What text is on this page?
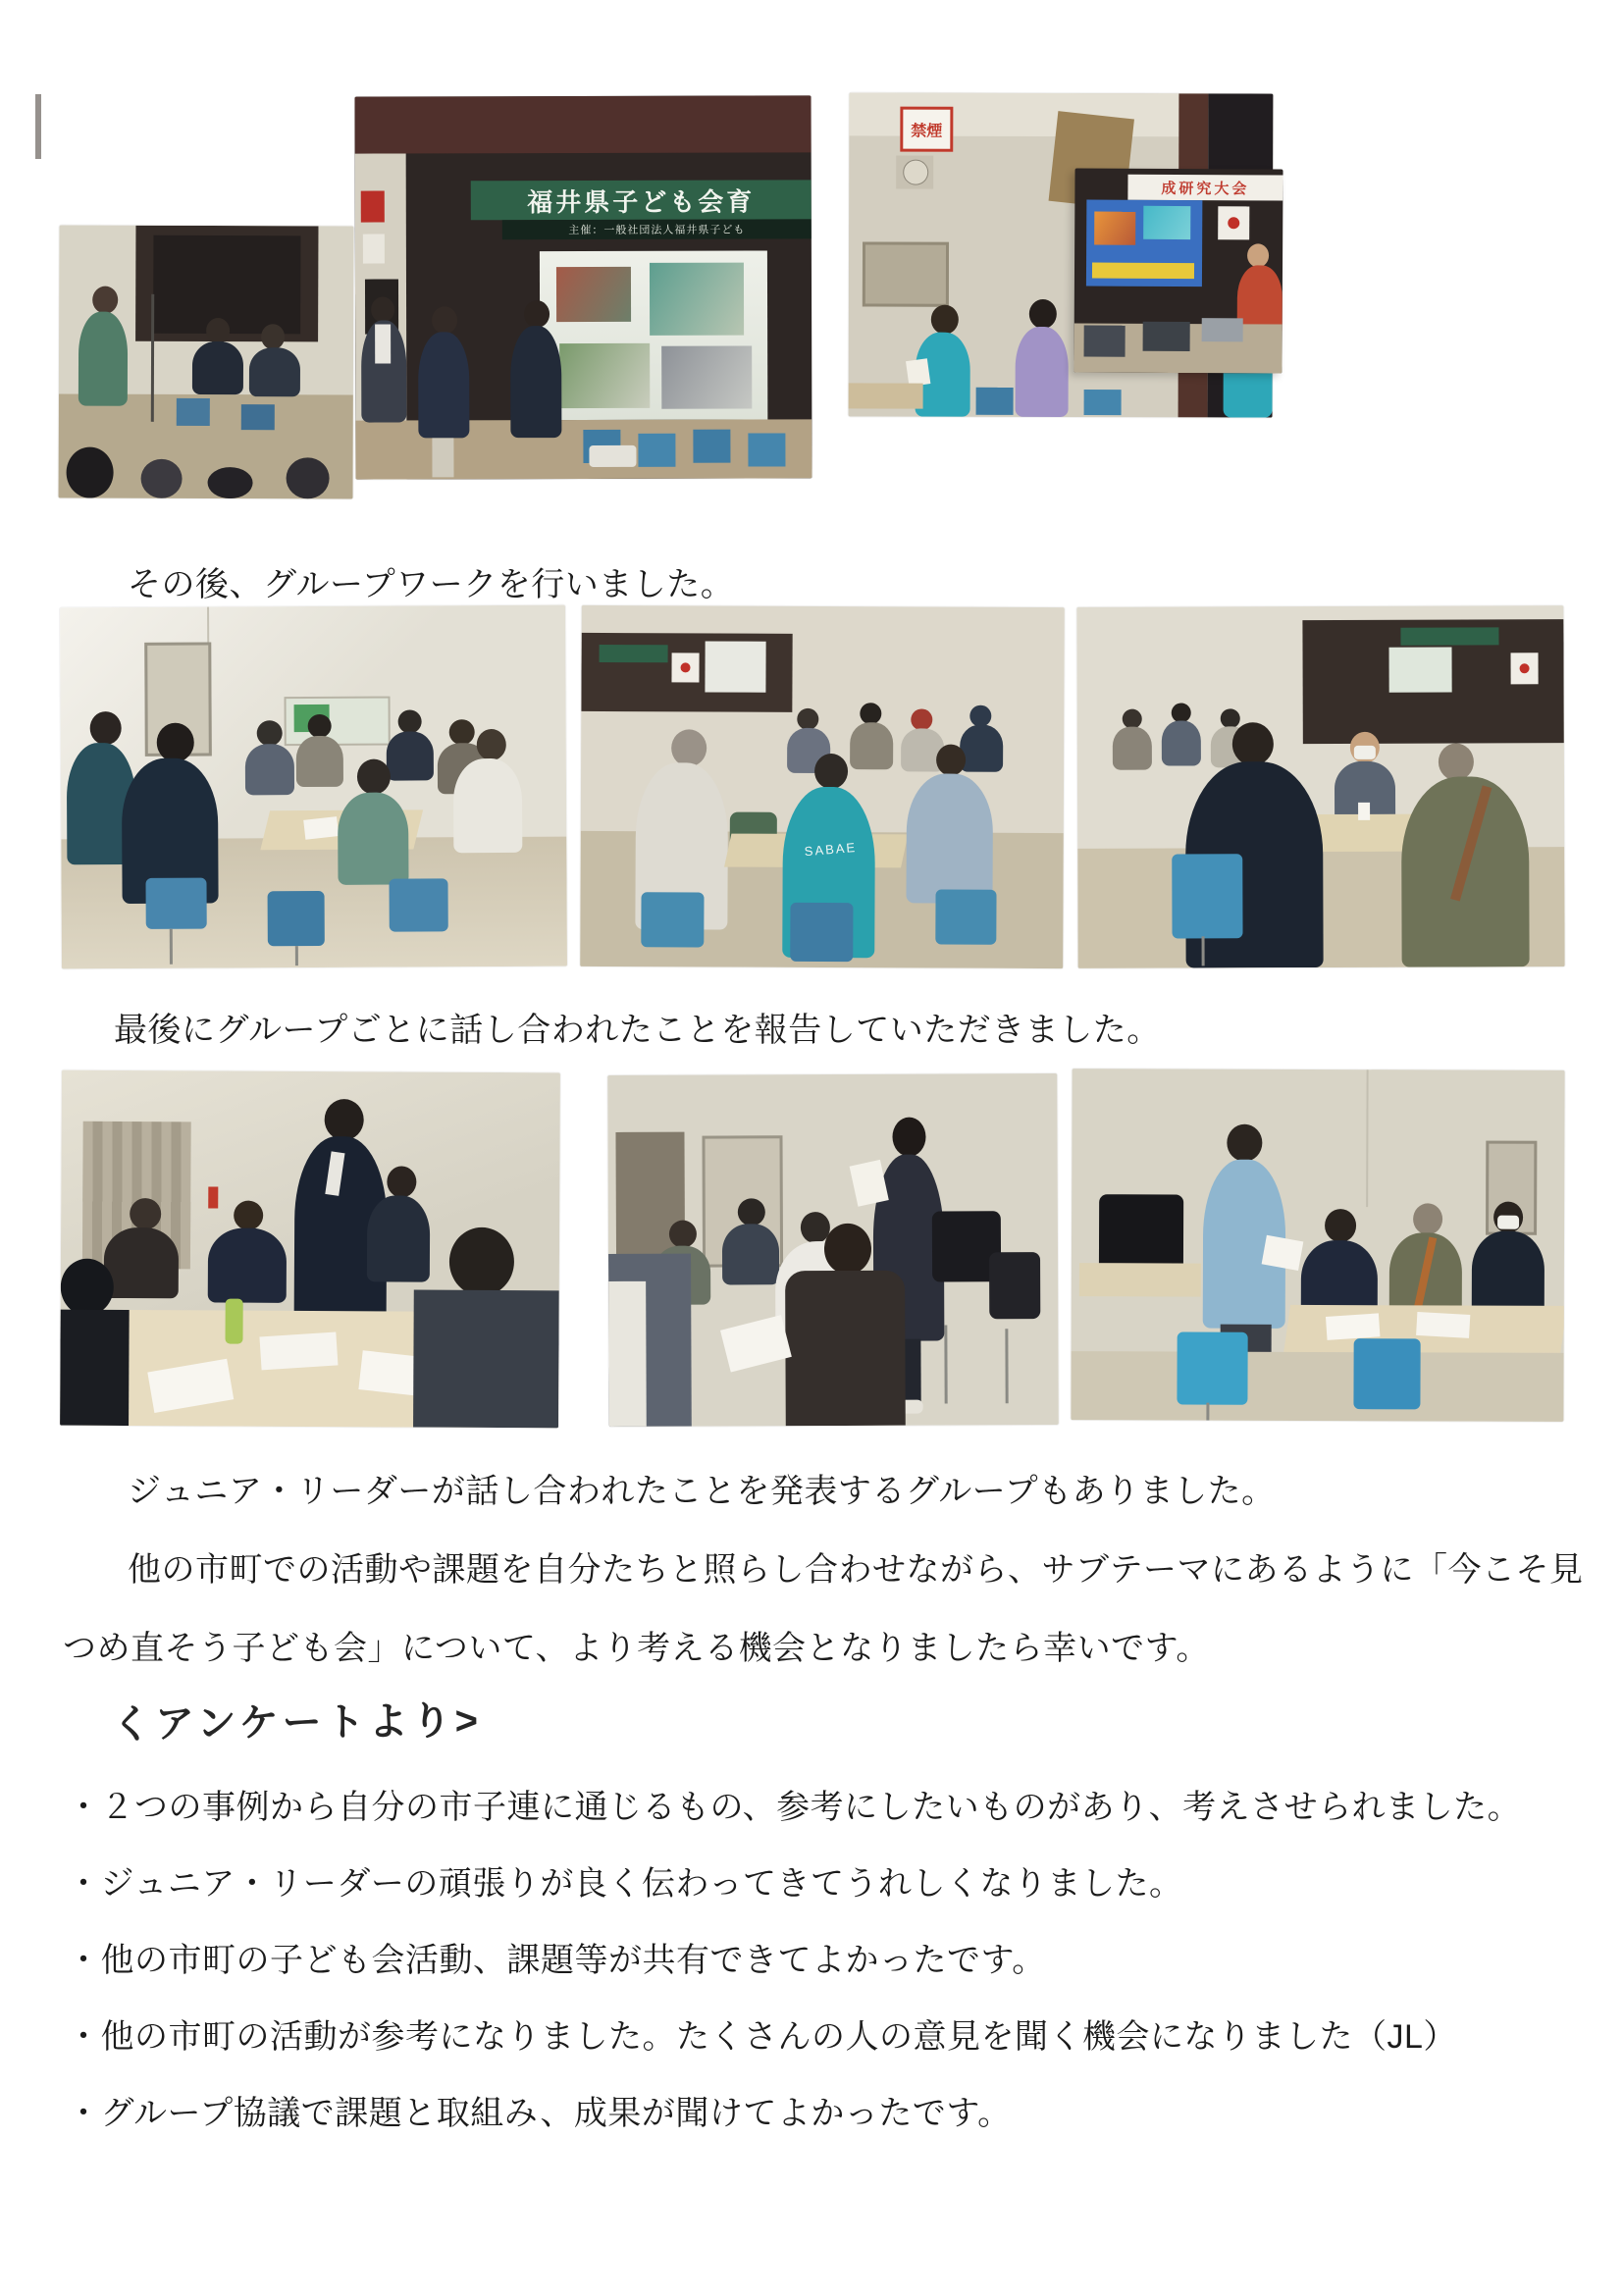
福井県子ども会育
主催：一般社団法人福井県子ども
禁煙
成研究大会
その後、グループワークを行いました。
SABAE
最後にグループごとに話し合われたことを報告していただきました。
ジュニア・リーダーが話し合われたことを発表するグループもありました。
他の市町での活動や課題を自分たちと照らし合わせながら、サブテーマにあるように「今こそ見
つめ直そう子ども会」について、より考える機会となりましたら幸いです。
くアンケートより>
・２つの事例から自分の市子連に通じるもの、参考にしたいものがあり、考えさせられました。
・ジュニア・リーダーの頑張りが良く伝わってきてうれしくなりました。
・他の市町の子ども会活動、課題等が共有できてよかったです。
・他の市町の活動が参考になりました。たくさんの人の意見を聞く機会になりました（JL）
・グループ協議で課題と取組み、成果が聞けてよかったです。
